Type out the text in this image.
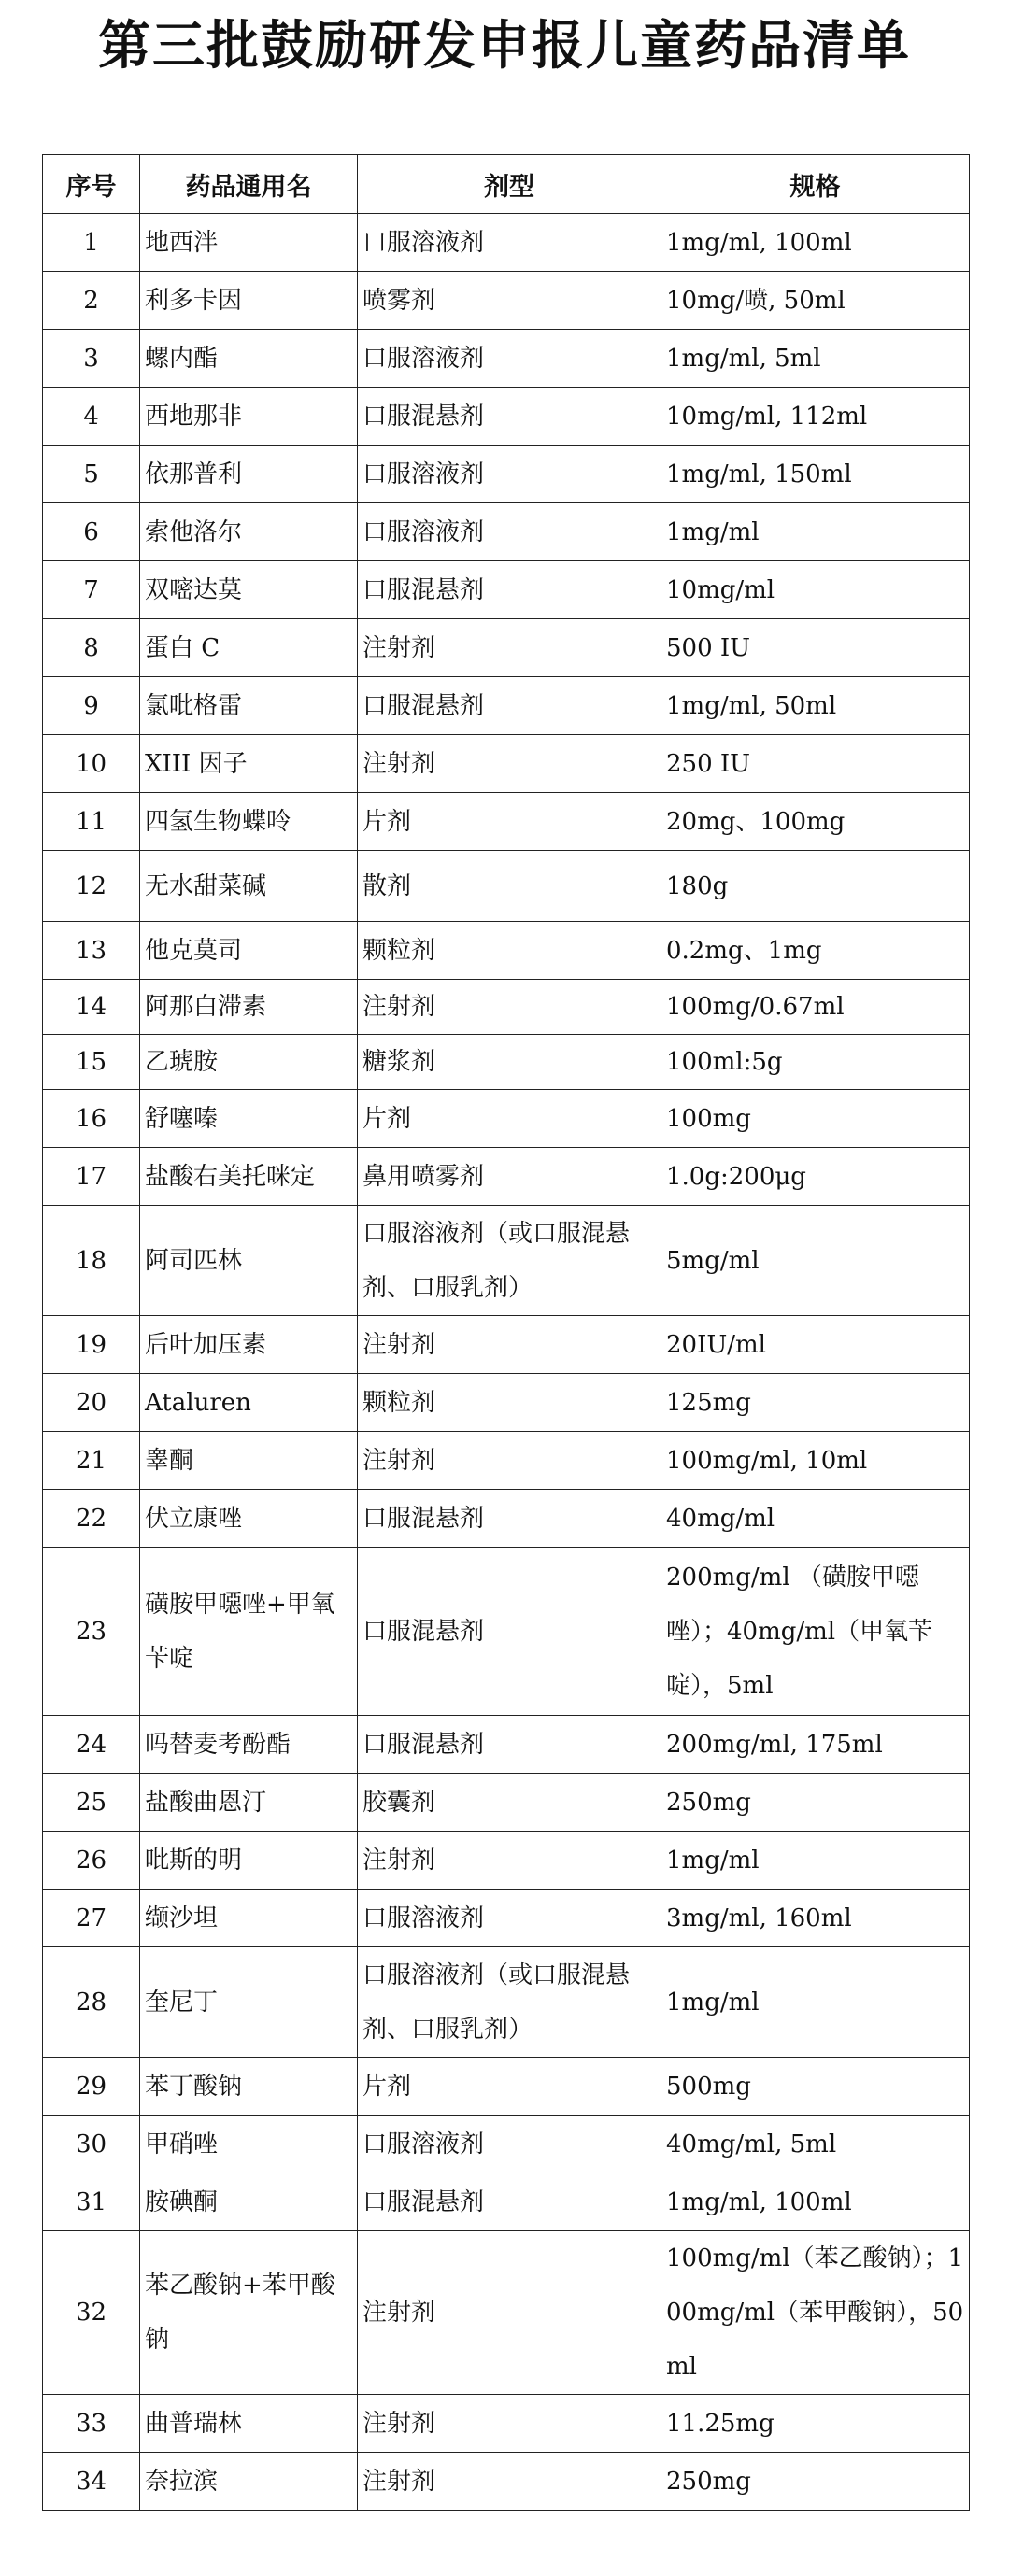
第三批鼓励研发申报儿童药品清单
序号	药品通用名	剂型	规格

1	地西泮	口服溶液剂	1mg/ml, 100ml

2	利多卡因	喷雾剂	10mg/喷, 50ml

3	螺内酯	口服溶液剂	1mg/ml, 5ml

4	西地那非	口服混悬剂	10mg/ml, 112ml

5	依那普利	口服溶液剂	1mg/ml, 150ml

6	索他洛尔	口服溶液剂	1mg/ml

7	双嘧达莫	口服混悬剂	10mg/ml

8	蛋白 C	注射剂	500 IU

9	氯吡格雷	口服混悬剂	1mg/ml, 50ml

10	XIII 因子	注射剂	250 IU

11	四氢生物蝶呤	片剂	20mg、100mg

12	无水甜菜碱	散剂	180g

13	他克莫司	颗粒剂	0.2mg、1mg

14	阿那白滞素	注射剂	100mg/0.67ml

15	乙琥胺	糖浆剂	100ml:5g

16	舒噻嗪	片剂	100mg

17	盐酸右美托咪定	鼻用喷雾剂	1.0g:200μg

18	阿司匹林	口服溶液剂（或口服混悬剂、口服乳剂）	5mg/ml

19	后叶加压素	注射剂	20IU/ml

20	Ataluren	颗粒剂	125mg

21	睾酮	注射剂	100mg/ml, 10ml

22	伏立康唑	口服混悬剂	40mg/ml

23	磺胺甲噁唑+甲氧苄啶	口服混悬剂	200mg/ml （磺胺甲噁唑）；40mg/ml（甲氧苄啶），5ml

24	吗替麦考酚酯	口服混悬剂	200mg/ml, 175ml

25	盐酸曲恩汀	胶囊剂	250mg

26	吡斯的明	注射剂	1mg/ml

27	缬沙坦	口服溶液剂	3mg/ml, 160ml

28	奎尼丁	口服溶液剂（或口服混悬剂、口服乳剂）	1mg/ml

29	苯丁酸钠	片剂	500mg

30	甲硝唑	口服溶液剂	40mg/ml, 5ml

31	胺碘酮	口服混悬剂	1mg/ml, 100ml

32	苯乙酸钠+苯甲酸钠	注射剂	100mg/ml（苯乙酸钠）；100mg/ml（苯甲酸钠），50ml

33	曲普瑞林	注射剂	11.25mg

34	奈拉滨	注射剂	250mg
